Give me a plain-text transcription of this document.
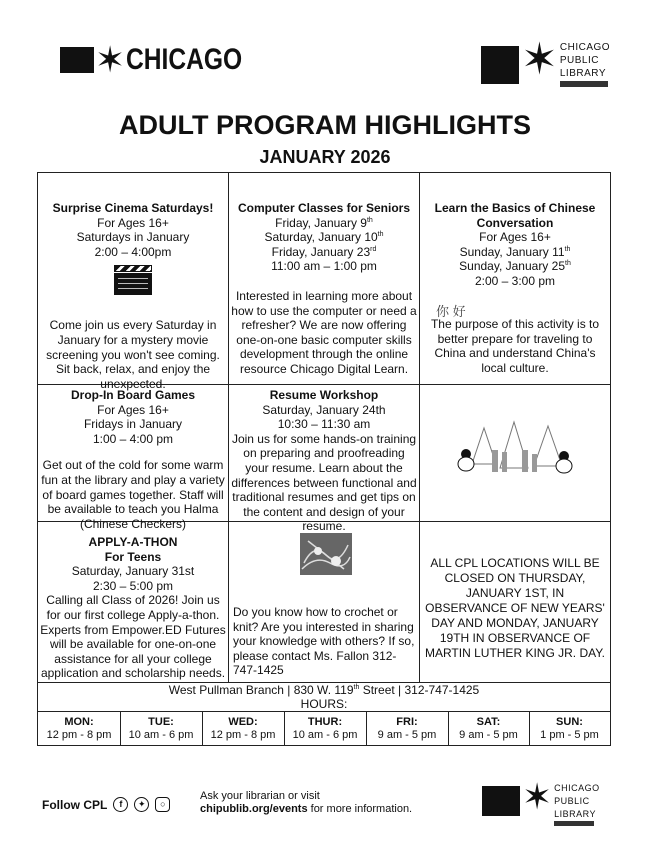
✶ CHICAGO	✶ CHICAGO
PUBLIC
LIBRARY
ADULT PROGRAM HIGHLIGHTS
JANUARY 2026

Surprise Cinema Saturdays!

For Ages 16+

Saturdays in January

2:00 – 4:00pm

Come join us every Saturday in January for a mystery movie screening you won't see coming. Sit back, relax, and enjoy the unexpected.

Computer Classes for Seniors

Friday, January 9th

Saturday, January 10th

Friday, January 23rd

11:00 am – 1:00 pm

Interested in learning more about how to use the computer or need a refresher? We are now offering one-on-one basic computer skills development through the online resource Chicago Digital Learn.

Learn the Basics of Chinese Conversation

For Ages 16+

Sunday, January 11th

Sunday, January 25th

2:00 – 3:00 pm

你 好

The purpose of this activity is to better prepare for traveling to China and understand China's local culture.

Drop-In Board Games

For Ages 16+

Fridays in January

1:00 – 4:00 pm

Get out of the cold for some warm fun at the library and play a variety of board games together. Staff will be available to teach you Halma (Chinese Checkers)

Resume Workshop

Saturday, January 24th

10:30 – 11:30 am

Join us for some hands-on training on preparing and proofreading your resume. Learn about the differences between functional and traditional resumes and get tips on the content and design of your resume.

APPLY-A-THON

For Teens

Saturday, January 31st

2:30 – 5:00 pm

Calling all Class of 2026! Join us for our first college Apply-a-thon. Experts from Empower.ED Futures will be available for one-on-one assistance for all your college application and scholarship needs.

Do you know how to crochet or knit? Are you interested in sharing your knowledge with others? If so, please contact Ms. Fallon 312-747-1425

ALL CPL LOCATIONS WILL BE CLOSED ON THURSDAY, JANUARY 1ST, IN OBSERVANCE OF NEW YEARS' DAY AND MONDAY, JANUARY 19TH IN OBSERVANCE OF MARTIN LUTHER KING JR. DAY.

West Pullman Branch | 830 W. 119th Street | 312-747-1425

HOURS:

MON:
12 pm - 8 pm
TUE:
10 am - 6 pm
WED:
12 pm - 8 pm
THUR:
10 am - 6 pm
FRI:
9 am - 5 pm
SAT:
9 am - 5 pm
SUN:
1 pm - 5 pm
Follow CPL	f	✦	○
Ask your librarian or visit
chipublib.org/events for more information.	✶ CHICAGO
PUBLIC
LIBRARY
